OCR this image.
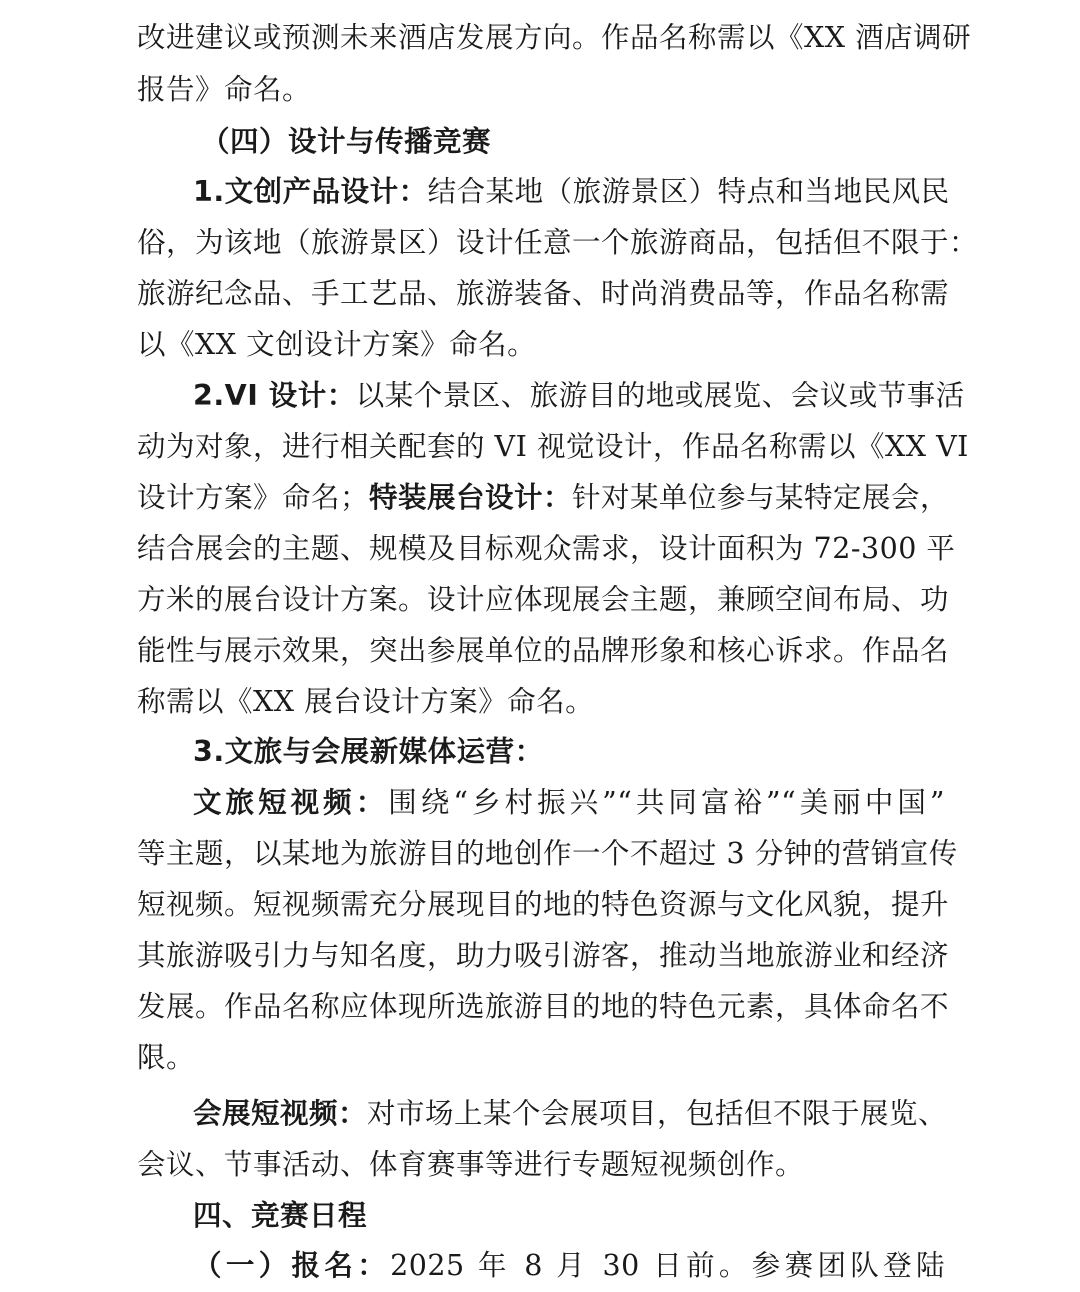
改进建议或预测未来酒店发展方向。作品名称需以《XX 酒店调研
报告》命名。
（四）设计与传播竞赛
1.文创产品设计：结合某地（旅游景区）特点和当地民风民
俗，为该地（旅游景区）设计任意一个旅游商品，包括但不限于：
旅游纪念品、手工艺品、旅游装备、时尚消费品等，作品名称需
以《XX 文创设计方案》命名。
2.VI 设计：以某个景区、旅游目的地或展览、会议或节事活
动为对象，进行相关配套的 VI 视觉设计，作品名称需以《XX VI
设计方案》命名；特装展台设计：针对某单位参与某特定展会，
结合展会的主题、规模及目标观众需求，设计面积为 72-300 平
方米的展台设计方案。设计应体现展会主题，兼顾空间布局、功
能性与展示效果，突出参展单位的品牌形象和核心诉求。作品名
称需以《XX 展台设计方案》命名。
3.文旅与会展新媒体运营：
文旅短视频：围绕“乡村振兴”“共同富裕”“美丽中国”
等主题，以某地为旅游目的地创作一个不超过 3 分钟的营销宣传
短视频。短视频需充分展现目的地的特色资源与文化风貌，提升
其旅游吸引力与知名度，助力吸引游客，推动当地旅游业和经济
发展。作品名称应体现所选旅游目的地的特色元素，具体命名不
限。
会展短视频：对市场上某个会展项目，包括但不限于展览、
会议、节事活动、体育赛事等进行专题短视频创作。
四、竞赛日程
（一）报名：2025 年 8 月 30 日前。参赛团队登陆
